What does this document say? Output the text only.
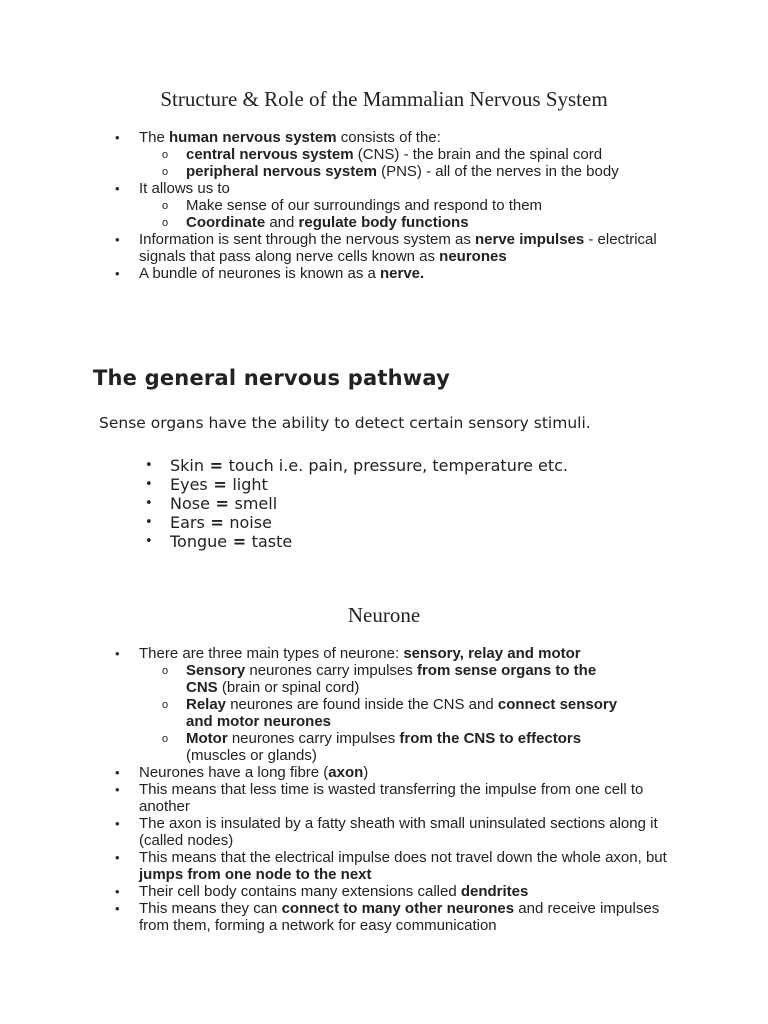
Structure & Role of the Mammalian Nervous System
• The human nervous system consists of the:
o central nervous system (CNS) - the brain and the spinal cord
o peripheral nervous system (PNS) - all of the nerves in the body
• It allows us to
o Make sense of our surroundings and respond to them
o Coordinate and regulate body functions
• Information is sent through the nervous system as nerve impulses - electrical signals that pass along nerve cells known as neurones
• A bundle of neurones is known as a nerve.
The general nervous pathway

Sense organs have the ability to detect certain sensory stimuli.

• Skin = touch i.e. pain, pressure, temperature etc.
• Eyes = light
• Nose = smell
• Ears = noise
• Tongue = taste
Neurone
• There are three main types of neurone: sensory, relay and motor
o Sensory neurones carry impulses from sense organs to the CNS (brain or spinal cord)
o Relay neurones are found inside the CNS and connect sensory and motor neurones
o Motor neurones carry impulses from the CNS to effectors (muscles or glands)
• Neurones have a long fibre (axon)
• This means that less time is wasted transferring the impulse from one cell to another
• The axon is insulated by a fatty sheath with small uninsulated sections along it (called nodes)
• This means that the electrical impulse does not travel down the whole axon, but jumps from one node to the next
• Their cell body contains many extensions called dendrites
• This means they can connect to many other neurones and receive impulses from them, forming a network for easy communication
